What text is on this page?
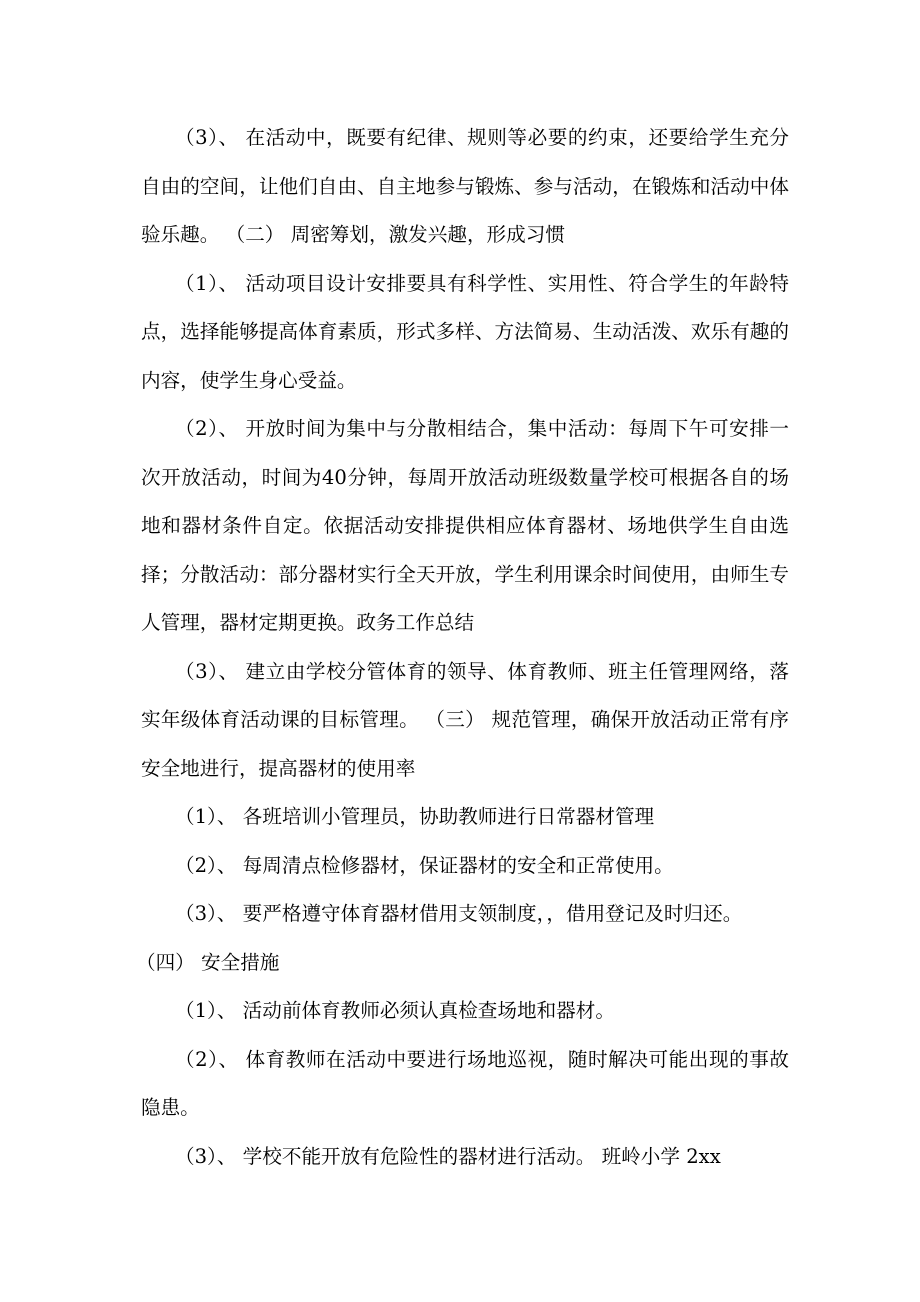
（3）、 在活动中，既要有纪律、规则等必要的约束，还要给学生充分自由的空间，让他们自由、自主地参与锻炼、参与活动，在锻炼和活动中体验乐趣。 （二） 周密筹划，激发兴趣，形成习惯

（1）、 活动项目设计安排要具有科学性、实用性、符合学生的年龄特点，选择能够提高体育素质，形式多样、方法简易、生动活泼、欢乐有趣的内容，使学生身心受益。

（2）、 开放时间为集中与分散相结合，集中活动：每周下午可安排一次开放活动，时间为40分钟，每周开放活动班级数量学校可根据各自的场地和器材条件自定。依据活动安排提供相应体育器材、场地供学生自由选择；分散活动：部分器材实行全天开放，学生利用课余时间使用，由师生专人管理，器材定期更换。政务工作总结

（3）、 建立由学校分管体育的领导、体育教师、班主任管理网络，落实年级体育活动课的目标管理。 （三） 规范管理，确保开放活动正常有序安全地进行，提高器材的使用率

（1）、 各班培训小管理员，协助教师进行日常器材管理

（2）、 每周清点检修器材，保证器材的安全和正常使用。

（3）、 要严格遵守体育器材借用支领制度，，借用登记及时归还。

（四） 安全措施

（1）、 活动前体育教师必须认真检查场地和器材。

（2）、 体育教师在活动中要进行场地巡视，随时解决可能出现的事故隐患。

（3）、 学校不能开放有危险性的器材进行活动。 班岭小学 2xx
